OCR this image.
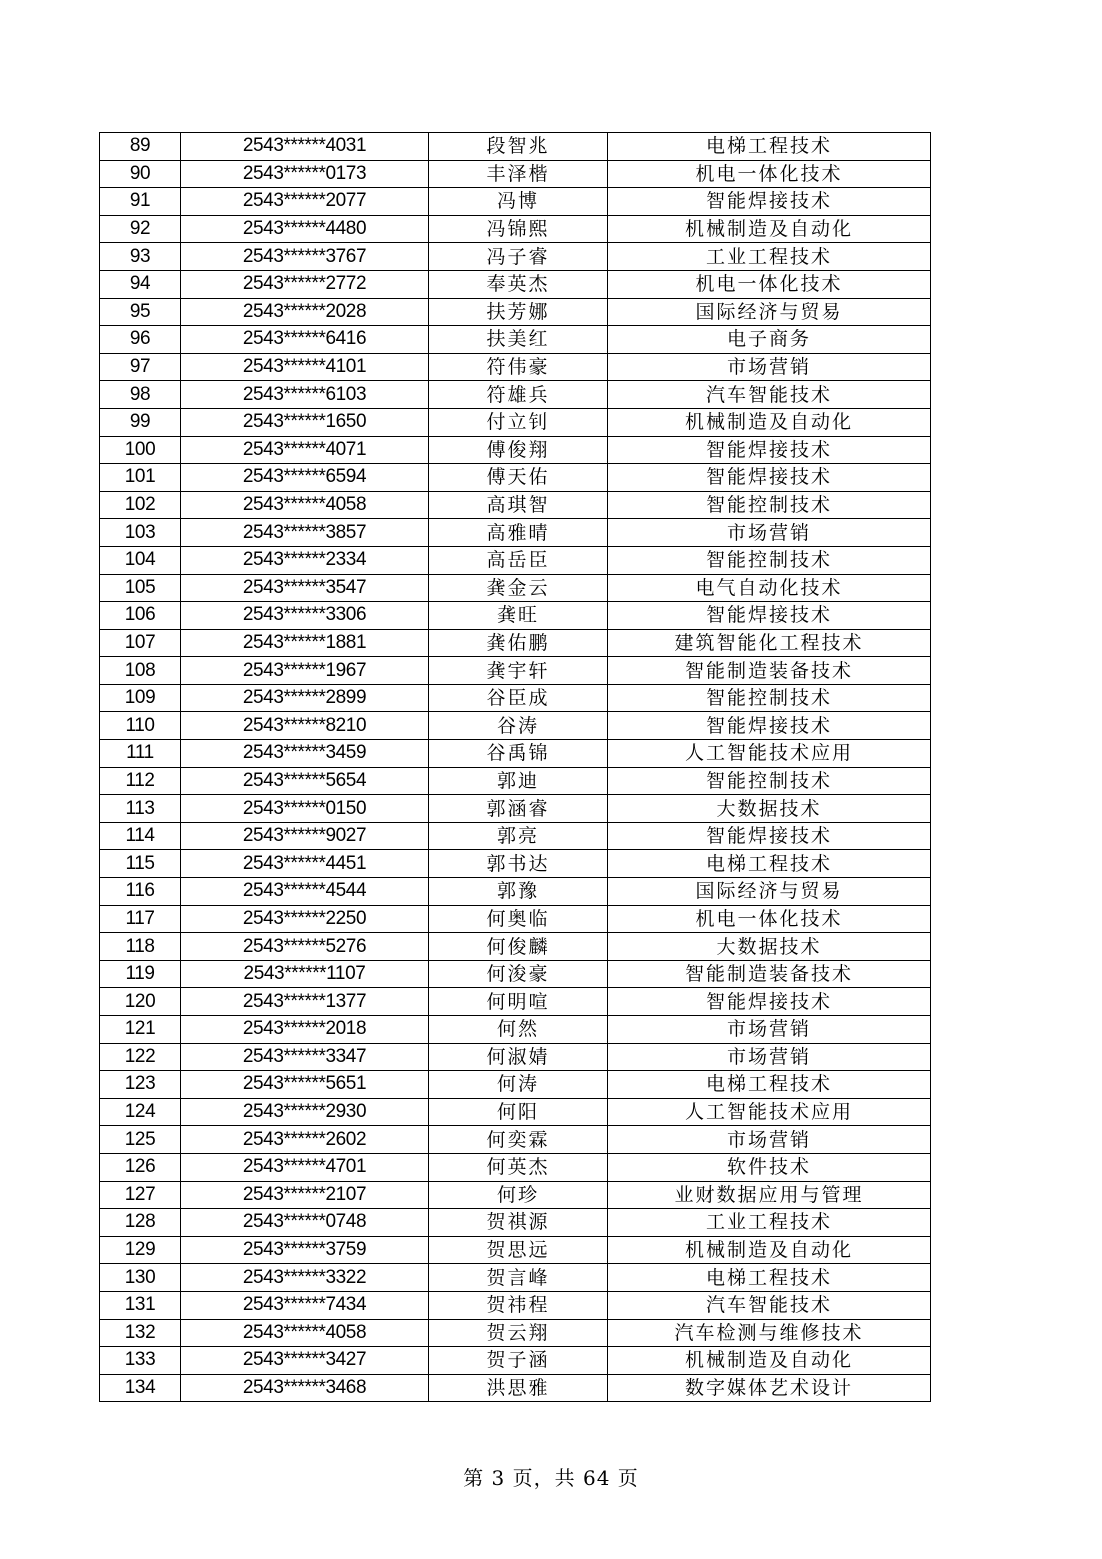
89	2543******4031	段智兆	电梯工程技术
90	2543******0173	丰泽楷	机电一体化技术
91	2543******2077	冯博	智能焊接技术
92	2543******4480	冯锦熙	机械制造及自动化
93	2543******3767	冯子睿	工业工程技术
94	2543******2772	奉英杰	机电一体化技术
95	2543******2028	扶芳娜	国际经济与贸易
96	2543******6416	扶美红	电子商务
97	2543******4101	符伟豪	市场营销
98	2543******6103	符雄兵	汽车智能技术
99	2543******1650	付立钊	机械制造及自动化
100	2543******4071	傅俊翔	智能焊接技术
101	2543******6594	傅天佑	智能焊接技术
102	2543******4058	高琪智	智能控制技术
103	2543******3857	高雅晴	市场营销
104	2543******2334	高岳臣	智能控制技术
105	2543******3547	龚金云	电气自动化技术
106	2543******3306	龚旺	智能焊接技术
107	2543******1881	龚佑鹏	建筑智能化工程技术
108	2543******1967	龚宇轩	智能制造装备技术
109	2543******2899	谷臣成	智能控制技术
110	2543******8210	谷涛	智能焊接技术
111	2543******3459	谷禹锦	人工智能技术应用
112	2543******5654	郭迪	智能控制技术
113	2543******0150	郭涵睿	大数据技术
114	2543******9027	郭亮	智能焊接技术
115	2543******4451	郭书达	电梯工程技术
116	2543******4544	郭豫	国际经济与贸易
117	2543******2250	何奥临	机电一体化技术
118	2543******5276	何俊麟	大数据技术
119	2543******1107	何浚豪	智能制造装备技术
120	2543******1377	何明喧	智能焊接技术
121	2543******2018	何然	市场营销
122	2543******3347	何淑婧	市场营销
123	2543******5651	何涛	电梯工程技术
124	2543******2930	何阳	人工智能技术应用
125	2543******2602	何奕霖	市场营销
126	2543******4701	何英杰	软件技术
127	2543******2107	何珍	业财数据应用与管理
128	2543******0748	贺祺源	工业工程技术
129	2543******3759	贺思远	机械制造及自动化
130	2543******3322	贺言峰	电梯工程技术
131	2543******7434	贺祎程	汽车智能技术
132	2543******4058	贺云翔	汽车检测与维修技术
133	2543******3427	贺子涵	机械制造及自动化
134	2543******3468	洪思雅	数字媒体艺术设计
第 3 页，共 64 页
